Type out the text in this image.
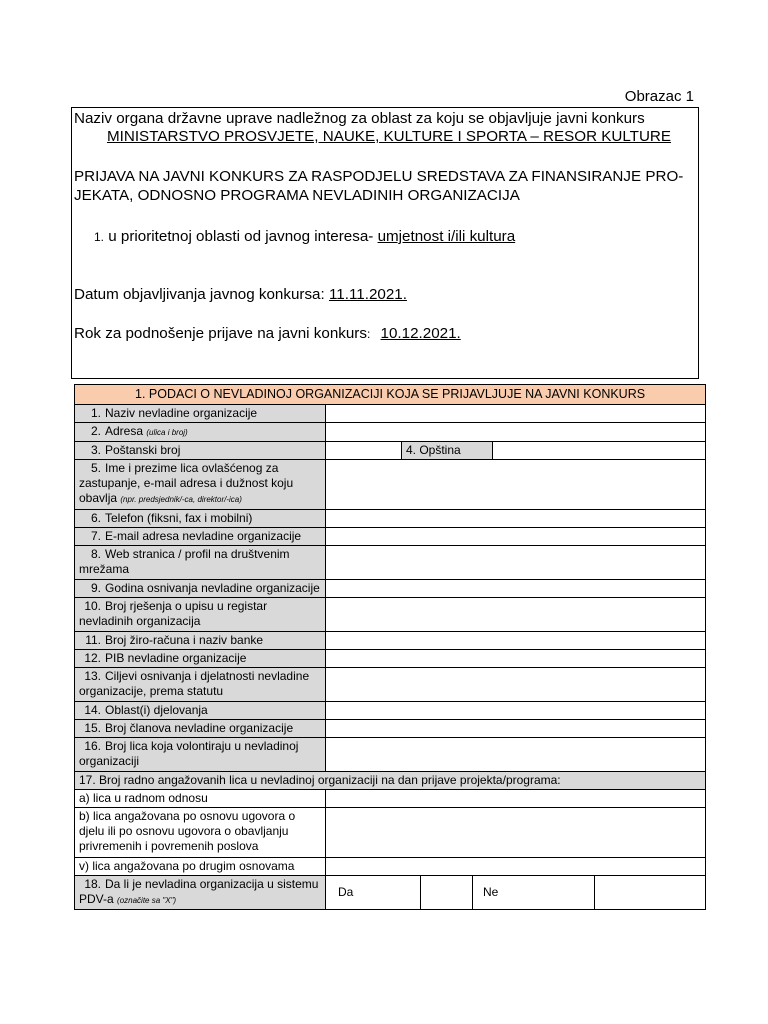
Obrazac 1
Naziv organa državne uprave nadležnog za oblast za koju se objavljuje javni konkurs
MINISTARSTVO PROSVJETE, NAUKE, KULTURE I SPORTA – RESOR KULTURE
PRIJAVA NA JAVNI KONKURS ZA RASPODJELU SREDSTAVA ZA FINANSIRANJE PRO-
JEKATA, ODNOSNO PROGRAMA NEVLADINIH ORGANIZACIJA
1. u prioritetnoj oblasti od javnog interesa- umjetnost i/ili kultura
Datum objavljivanja javnog konkursa: 11.11.2021.
Rok za podnošenje prijave na javni konkurs: 10.12.2021.
1. PODACI O NEVLADINOJ ORGANIZACIJI KOJA SE PRIJAVLJUJE NA JAVNI KONKURS						
1. Naziv nevladine organizacije						
2. Adresa (ulica i broj)						
3. Poštanski broj		4. Opština				
5. Ime i prezime lica ovlašćenog za zastupanje, e-mail adresa i dužnost koju obavlja (npr. predsjednik/-ca, direktor/-ica)						
6. Telefon (fiksni, fax i mobilni)						
7. E-mail adresa nevladine organizacije						
8. Web stranica / profil na društvenim mrežama						
9. Godina osnivanja nevladine organizacije						
10. Broj rješenja o upisu u registar nevladinih organizacija						
11. Broj žiro-računa i naziv banke						
12. PIB nevladine organizacije						
13. Ciljevi osnivanja i djelatnosti nevladine organizacije, prema statutu						
14. Oblast(i) djelovanja						
15. Broj članova nevladine organizacije						
16. Broj lica koja volontiraju u nevladinoj organizaciji						
17. Broj radno angažovanih lica u nevladinoj organizaciji na dan prijave projekta/programa:						
a) lica u radnom odnosu						
b) lica angažovana po osnovu ugovora o djelu ili po osnovu ugovora o obavljanju privremenih i povremenih poslova						
v) lica angažovana po drugim osnovama						
18. Da li je nevladina organizacija u sistemu PDV-a (označite sa "X")	Da			Ne		
